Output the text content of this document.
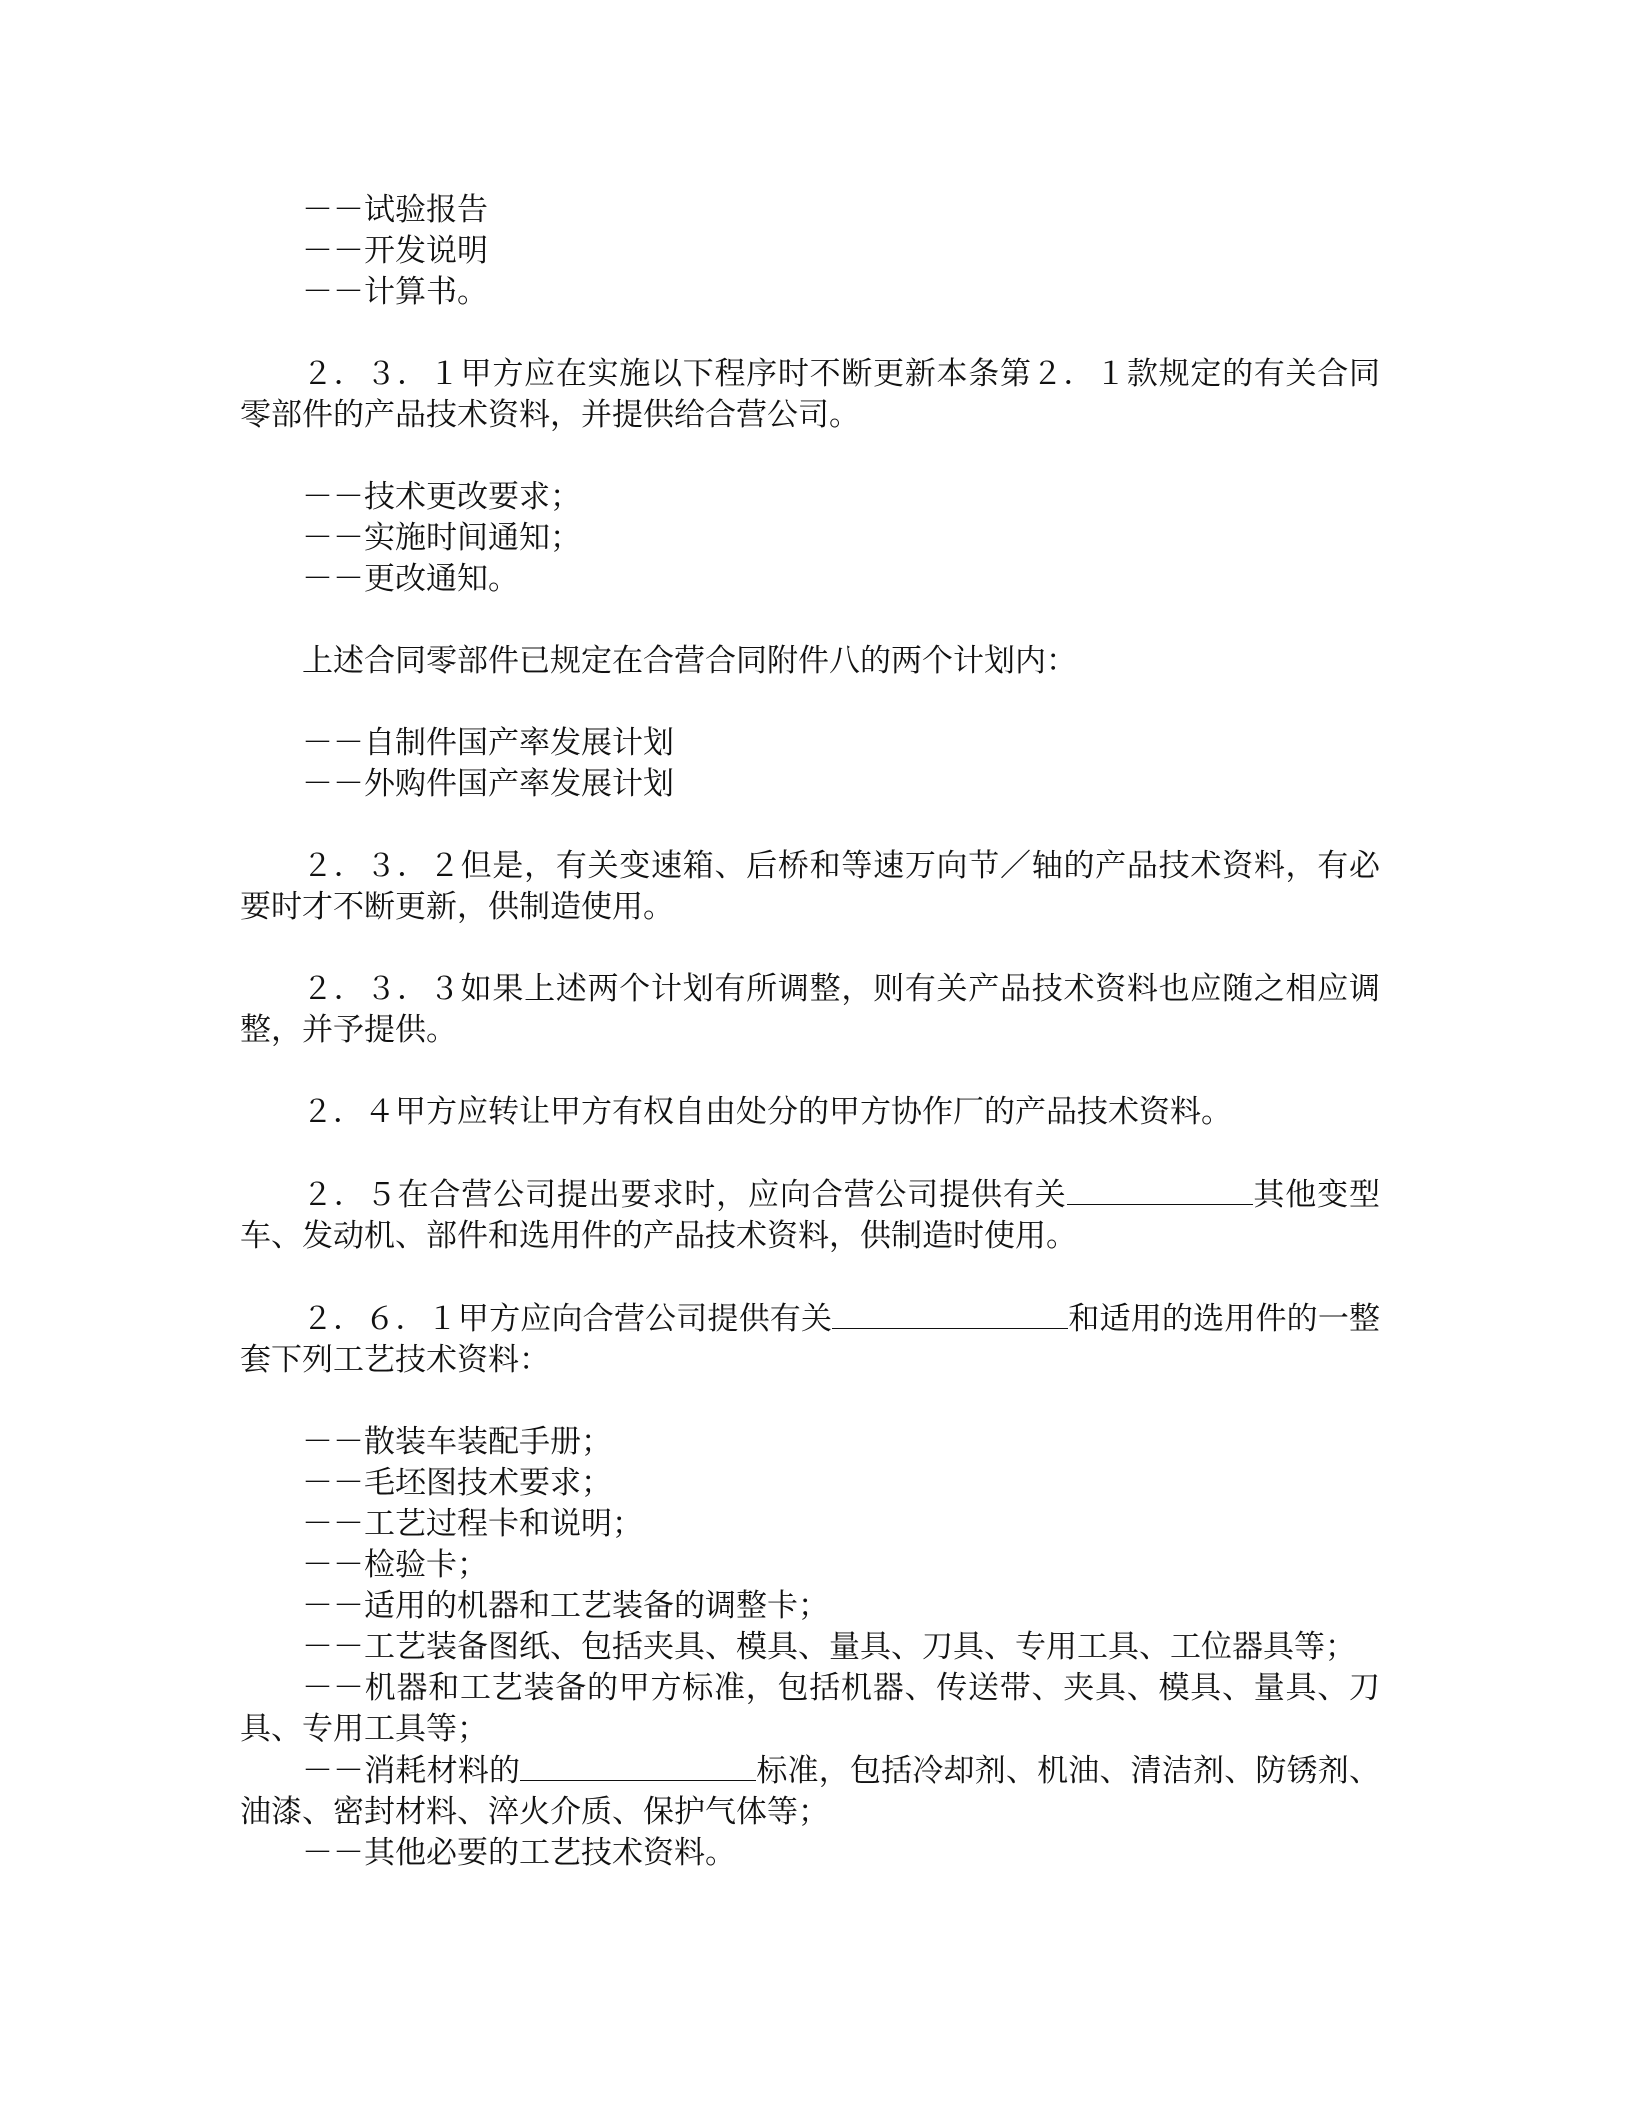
－－试验报告
－－开发说明
－－计算书。
２．３．１甲方应在实施以下程序时不断更新本条第２．１款规定的有关合同零部件的产品技术资料，并提供给合营公司。
－－技术更改要求；
－－实施时间通知；
－－更改通知。
上述合同零部件已规定在合营合同附件八的两个计划内：
－－自制件国产率发展计划
－－外购件国产率发展计划
２．３．２但是，有关变速箱、后桥和等速万向节／轴的产品技术资料，有必要时才不断更新，供制造使用。
２．３．３如果上述两个计划有所调整，则有关产品技术资料也应随之相应调整，并予提供。
２．４甲方应转让甲方有权自由处分的甲方协作厂的产品技术资料。
２．５在合营公司提出要求时，应向合营公司提供有关	其他变型车、发动机、部件和选用件的产品技术资料，供制造时使用。
２．６．１甲方应向合营公司提供有关	和适用的选用件的一整套下列工艺技术资料：
－－散装车装配手册；
－－毛坯图技术要求；
－－工艺过程卡和说明；
－－检验卡；
－－适用的机器和工艺装备的调整卡；
－－工艺装备图纸、包括夹具、模具、量具、刀具、专用工具、工位器具等；
－－机器和工艺装备的甲方标准，包括机器、传送带、夹具、模具、量具、刀具、专用工具等；
－－消耗材料的	标准，包括冷却剂、机油、清洁剂、防锈剂、油漆、密封材料、淬火介质、保护气体等；
－－其他必要的工艺技术资料。
